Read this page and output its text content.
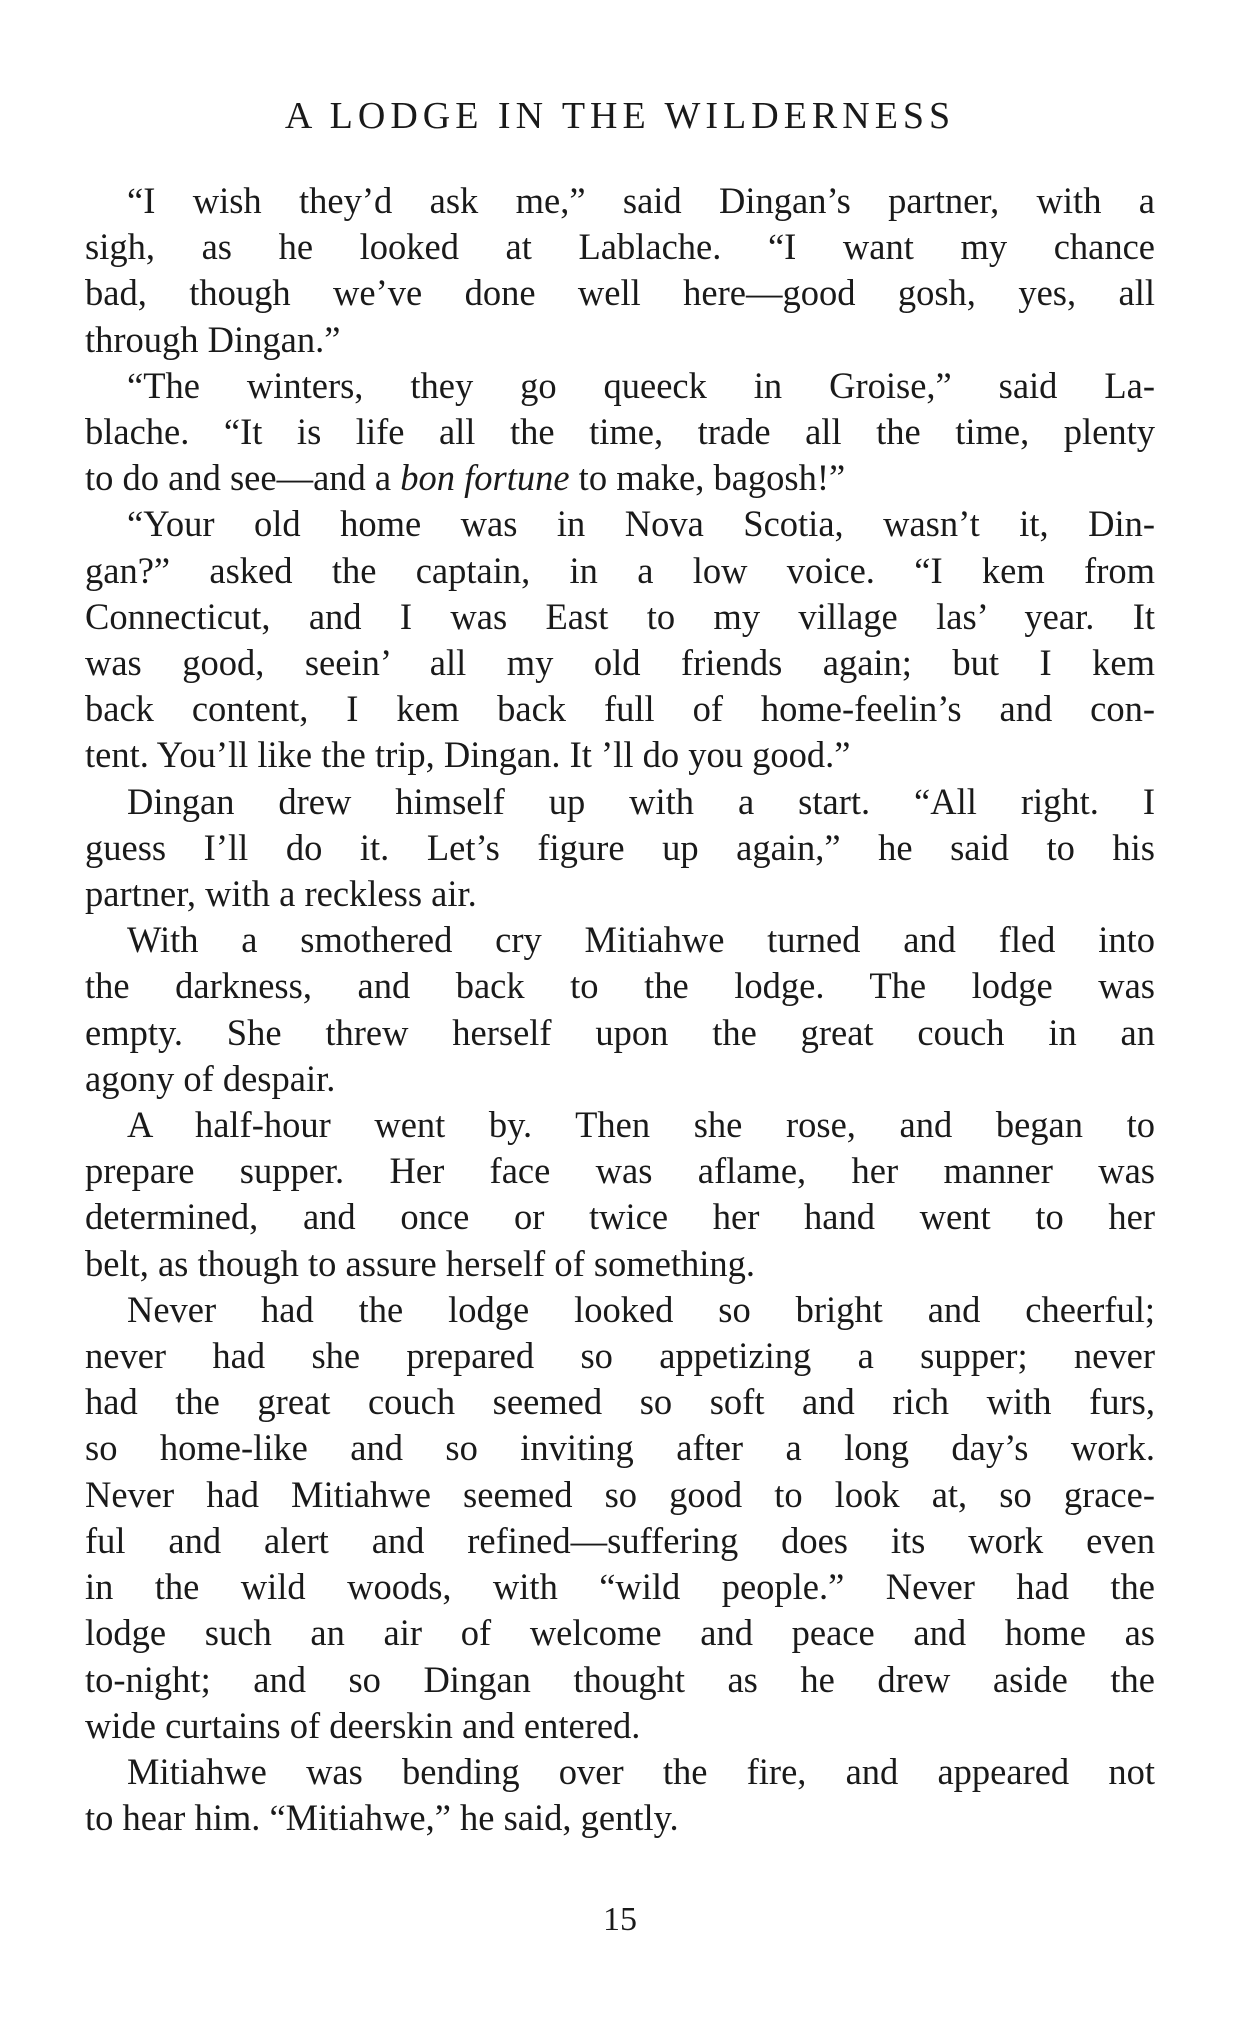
A LODGE IN THE WILDERNESS

“I wish they’d ask me,” said Dingan’s partner, with a
sigh, as he looked at Lablache. “I want my chance
bad, though we’ve done well here—good gosh, yes, all
through Dingan.”

“The winters, they go queeck in Groise,” said La-
blache. “It is life all the time, trade all the time, plenty
to do and see—and a bon fortune to make, bagosh!”

“Your old home was in Nova Scotia, wasn’t it, Din-
gan?” asked the captain, in a low voice. “I kem from
Connecticut, and I was East to my village las’ year. It
was good, seein’ all my old friends again; but I kem
back content, I kem back full of home-feelin’s and con-
tent. You’ll like the trip, Dingan. It ’ll do you good.”

Dingan drew himself up with a start. “All right. I
guess I’ll do it. Let’s figure up again,” he said to his
partner, with a reckless air.

With a smothered cry Mitiahwe turned and fled into
the darkness, and back to the lodge. The lodge was
empty. She threw herself upon the great couch in an
agony of despair.

A half-hour went by. Then she rose, and began to
prepare supper. Her face was aflame, her manner was
determined, and once or twice her hand went to her
belt, as though to assure herself of something.

Never had the lodge looked so bright and cheerful;
never had she prepared so appetizing a supper; never
had the great couch seemed so soft and rich with furs,
so home-like and so inviting after a long day’s work.
Never had Mitiahwe seemed so good to look at, so grace-
ful and alert and refined—suffering does its work even
in the wild woods, with “wild people.” Never had the
lodge such an air of welcome and peace and home as
to-night; and so Dingan thought as he drew aside the
wide curtains of deerskin and entered.

Mitiahwe was bending over the fire, and appeared not
to hear him. “Mitiahwe,” he said, gently.

15
